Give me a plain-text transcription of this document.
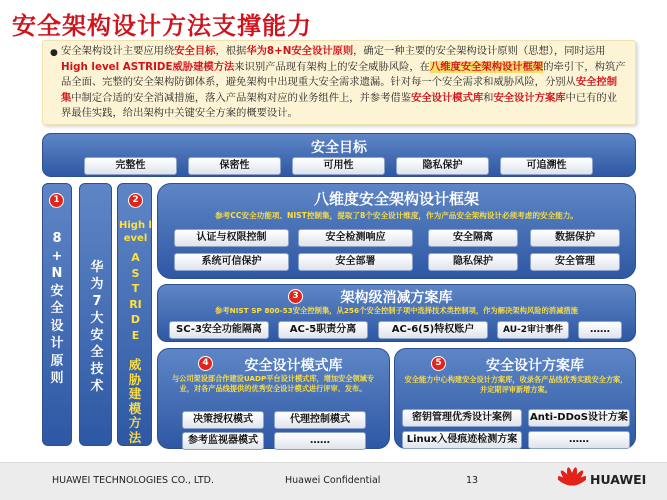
安全架构设计方法支撑能力
● 安全架构设计主要应用绕安全目标，根据华为8+N安全设计原则，确定一种主要的安全架构设计原则（思想），同时运用High level ASTRIDE威胁建模方法来识别产品现有架构上的安全威胁风险，在八维度安全架构设计框架的牵引下，构筑产品全面、完整的安全架构防御体系，避免架构中出现重大安全需求遗漏。针对每一个安全需求和威胁风险，分别从安全控制集中制定合适的安全消减措施，落入产品架构对应的业务组件上，并参考借鉴安全设计模式库和安全设计方案库中已有的业界最佳实践，给出架构中关键安全方案的概要设计。
安全目标
完整性	保密性	可用性	隐私保护	可追溯性
1
8+N安全设计原则
华为7大安全技术
2
High level
ASTRIDE
威胁建模方法
八维度安全架构设计框架
参考CC安全功能项、NIST控制集，提取了8个安全设计维度，作为产品安全架构设计必须考虑的安全能力。
认证与权限控制	安全检测响应	安全隔离	数据保护
系统可信保护	安全部署	隐私保护	安全管理
3	架构级消减方案库
参考NIST SP 800-53安全控制集，从256个安全控制子项中选择技术类控制项，作为解决架构风险的消减措施
SC-3安全功能隔离	AC-5职责分离	AC-6(5)特权账户	AU-2审计事件	……
4	安全设计模式库
与公司架设部合作建设UADP平台设计模式库，增加安全领域专业，对各产品线提供的优秀安全设计模式进行评审、发布。
决策授权模式	代理控制模式
参考监视器模式	……
5	安全设计方案库
安全能力中心构建安全设计方案库，收录各产品线优秀实践安全方案，并定期评审新增方案。
密钥管理优秀设计案例	Anti-DDoS设计方案
Linux入侵痕迹检测方案	……
HUAWEI TECHNOLOGIES CO., LTD.	Huawei Confidential	13	HUAWEI
